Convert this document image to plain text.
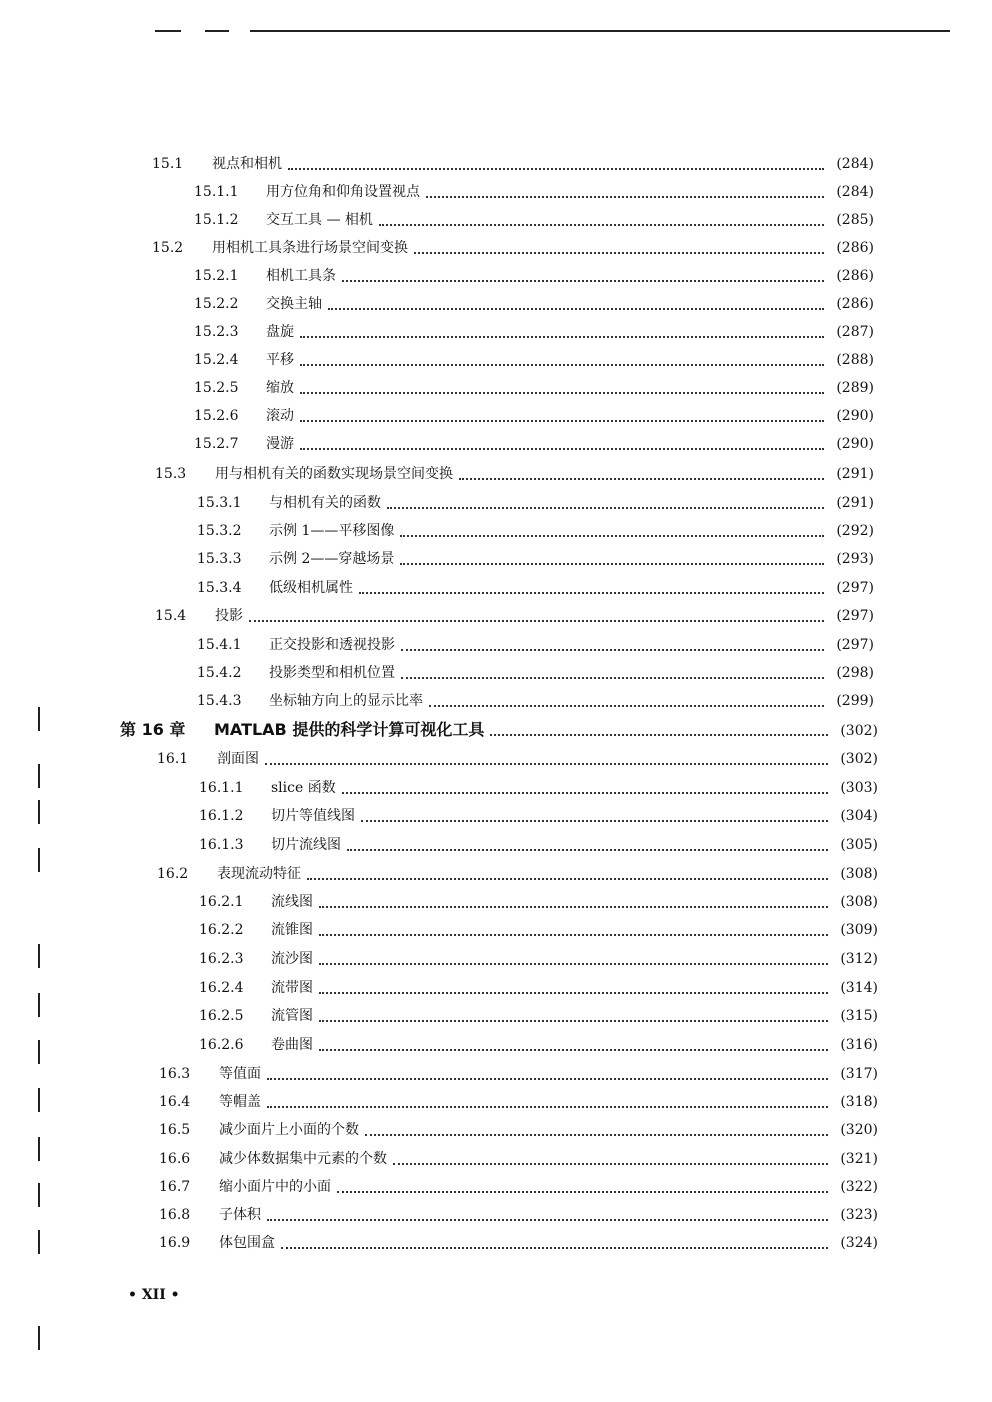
15.1	视点和相机	(284)
15.1.1	用方位角和仰角设置视点	(284)
15.1.2	交互工具 — 相机	(285)
15.2	用相机工具条进行场景空间变换	(286)
15.2.1	相机工具条	(286)
15.2.2	交换主轴	(286)
15.2.3	盘旋	(287)
15.2.4	平移	(288)
15.2.5	缩放	(289)
15.2.6	滚动	(290)
15.2.7	漫游	(290)
15.3	用与相机有关的函数实现场景空间变换	(291)
15.3.1	与相机有关的函数	(291)
15.3.2	示例 1——平移图像	(292)
15.3.3	示例 2——穿越场景	(293)
15.3.4	低级相机属性	(297)
15.4	投影	(297)
15.4.1	正交投影和透视投影	(297)
15.4.2	投影类型和相机位置	(298)
15.4.3	坐标轴方向上的显示比率	(299)
第 16 章	MATLAB 提供的科学计算可视化工具	(302)
16.1	剖面图	(302)
16.1.1	slice 函数	(303)
16.1.2	切片等值线图	(304)
16.1.3	切片流线图	(305)
16.2	表现流动特征	(308)
16.2.1	流线图	(308)
16.2.2	流锥图	(309)
16.2.3	流沙图	(312)
16.2.4	流带图	(314)
16.2.5	流管图	(315)
16.2.6	卷曲图	(316)
16.3	等值面	(317)
16.4	等帽盖	(318)
16.5	减少面片上小面的个数	(320)
16.6	减少体数据集中元素的个数	(321)
16.7	缩小面片中的小面	(322)
16.8	子体积	(323)
16.9	体包围盒	(324)
• XII •
